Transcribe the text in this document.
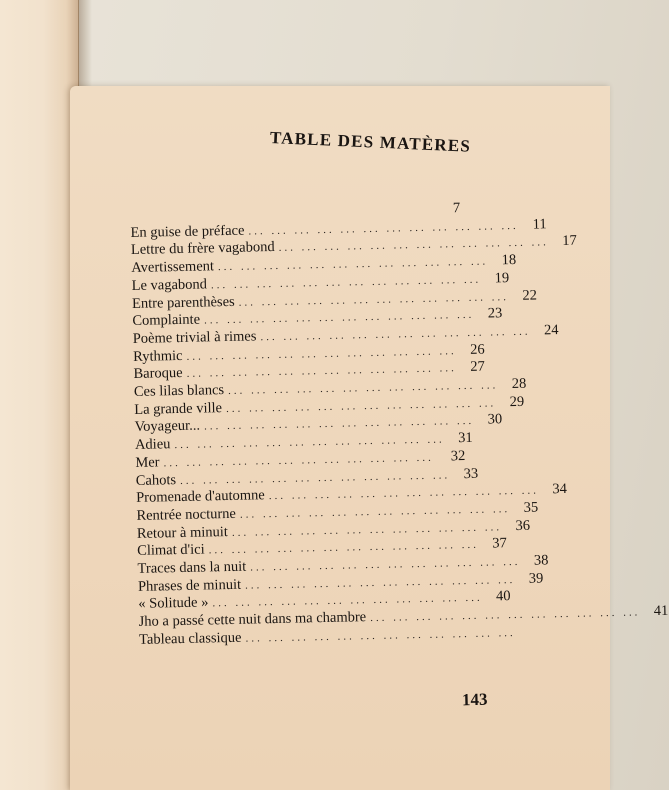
TABLE DES MATÈRES
7
En guise de préface ... ... ... ... ... ... ... ... ... ... ... ... 11
Lettre du frère vagabond ... ... ... ... ... ... ... ... ... ... ... ... 17
Avertissement ... ... ... ... ... ... ... ... ... ... ... ... 18
Le vagabond ... ... ... ... ... ... ... ... ... ... ... ... 19
Entre parenthèses ... ... ... ... ... ... ... ... ... ... ... ... 22
Complainte ... ... ... ... ... ... ... ... ... ... ... ... 23
Poème trivial à rimes ... ... ... ... ... ... ... ... ... ... ... ... 24
Rythmic ... ... ... ... ... ... ... ... ... ... ... ... 26
Baroque ... ... ... ... ... ... ... ... ... ... ... ... 27
Ces lilas blancs ... ... ... ... ... ... ... ... ... ... ... ... 28
La grande ville ... ... ... ... ... ... ... ... ... ... ... ... 29
Voyageur... ... ... ... ... ... ... ... ... ... ... ... ... 30
Adieu ... ... ... ... ... ... ... ... ... ... ... ... 31
Mer ... ... ... ... ... ... ... ... ... ... ... ...	32
Cahots ... ... ... ... ... ... ... ... ... ... ... ... 33
Promenade d'automne ... ... ... ... ... ... ... ... ... ... ... ... 34
Rentrée nocturne ... ... ... ... ... ... ... ... ... ... ... ... 35
Retour à minuit ... ... ... ... ... ... ... ... ... ... ... ... 36
Climat d'ici ... ... ... ... ... ... ... ... ... ... ... ... 37
Traces dans la nuit ... ... ... ... ... ... ... ... ... ... ... ... 38
Phrases de minuit ... ... ... ... ... ... ... ... ... ... ... ... 39
« Solitude » ... ... ... ... ... ... ... ... ... ... ... ... 40
Jho a passé cette nuit dans ma chambre ... ... ... ... ... ... ... ... ... ... ... ... 41
Tableau classique ... ... ... ... ... ... ... ... ... ... ... ...
143
